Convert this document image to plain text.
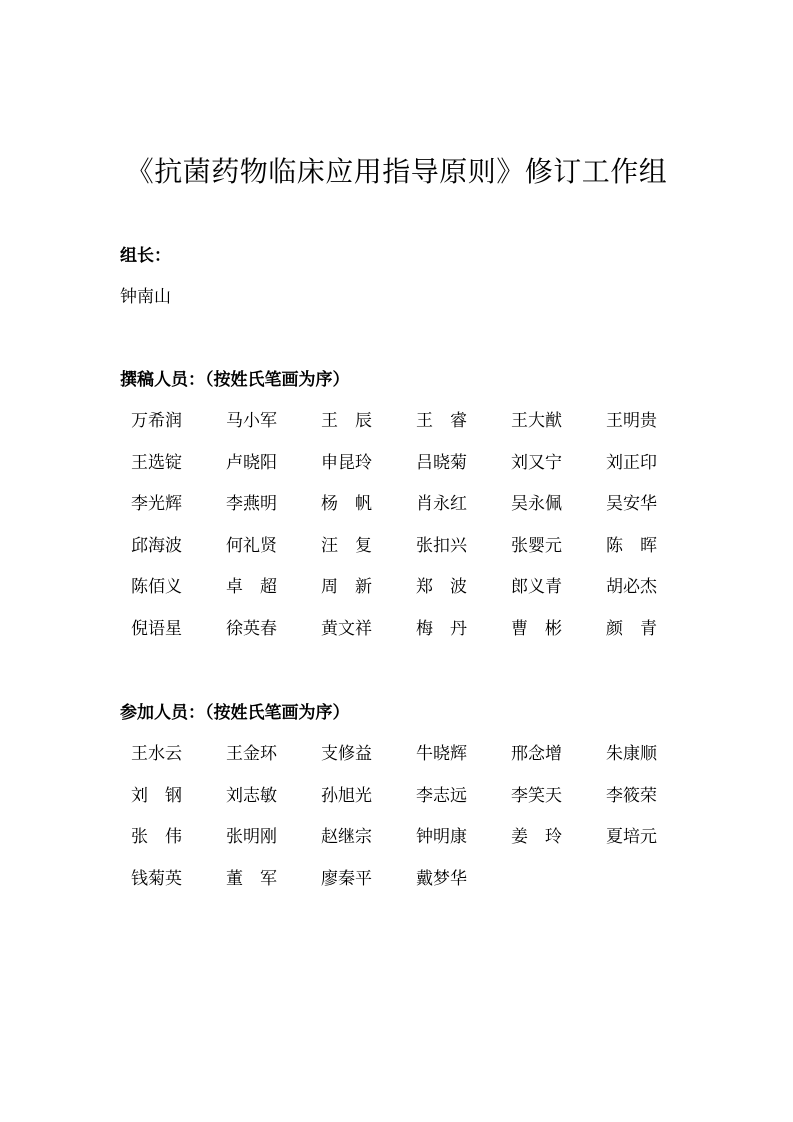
《抗菌药物临床应用指导原则》修订工作组
组长：
钟南山
撰稿人员：（按姓氏笔画为序）
万希润	马小军	王　辰	王　睿	王大猷	王明贵
王选锭	卢晓阳	申昆玲	吕晓菊	刘又宁	刘正印
李光辉	李燕明	杨　帆	肖永红	吴永佩	吴安华
邱海波	何礼贤	汪　复	张扣兴	张婴元	陈　晖
陈佰义	卓　超	周　新	郑　波	郎义青	胡必杰
倪语星	徐英春	黄文祥	梅　丹	曹　彬	颜　青
参加人员：（按姓氏笔画为序）
王水云	王金环	支修益	牛晓辉	邢念增	朱康顺
刘　钢	刘志敏	孙旭光	李志远	李笑天	李筱荣
张　伟	张明刚	赵继宗	钟明康	姜　玲	夏培元
钱菊英	董　军	廖秦平	戴梦华
